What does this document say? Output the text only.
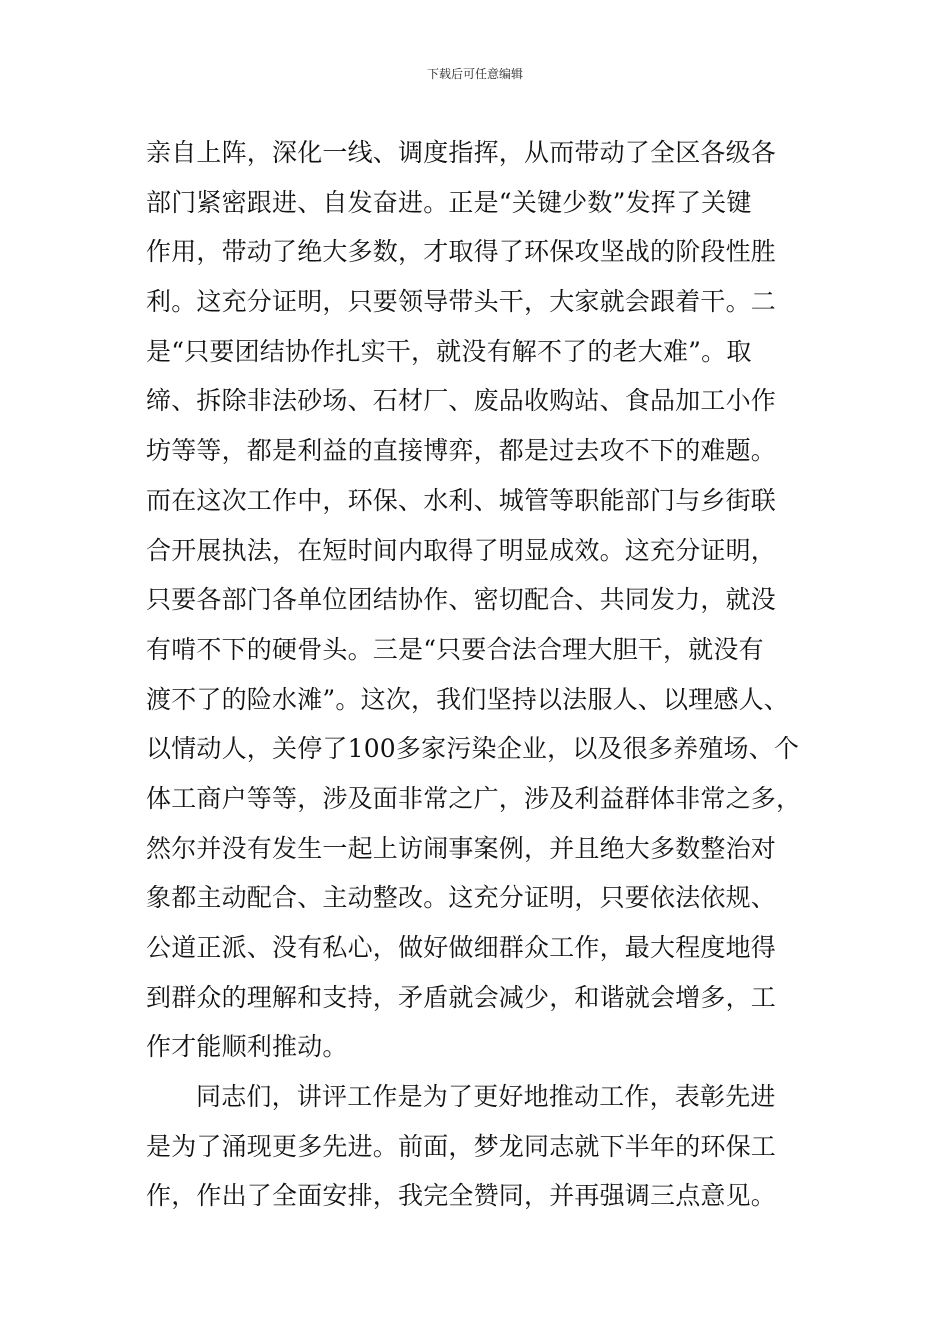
下载后可任意编辑
亲自上阵，深化一线、调度指挥，从而带动了全区各级各
部门紧密跟进、自发奋进。正是“关键少数”发挥了关键
作用，带动了绝大多数，才取得了环保攻坚战的阶段性胜
利。这充分证明，只要领导带头干，大家就会跟着干。二
是“只要团结协作扎实干，就没有解不了的老大难”。取
缔、拆除非法砂场、石材厂、废品收购站、食品加工小作
坊等等，都是利益的直接博弈，都是过去攻不下的难题。
而在这次工作中，环保、水利、城管等职能部门与乡街联
合开展执法，在短时间内取得了明显成效。这充分证明，
只要各部门各单位团结协作、密切配合、共同发力，就没
有啃不下的硬骨头。三是“只要合法合理大胆干，就没有
渡不了的险水滩”。这次，我们坚持以法服人、以理感人、
以情动人，关停了100多家污染企业，以及很多养殖场、个
体工商户等等，涉及面非常之广，涉及利益群体非常之多，
然尔并没有发生一起上访闹事案例，并且绝大多数整治对
象都主动配合、主动整改。这充分证明，只要依法依规、
公道正派、没有私心，做好做细群众工作，最大程度地得
到群众的理解和支持，矛盾就会减少，和谐就会增多，工
作才能顺利推动。
同志们，讲评工作是为了更好地推动工作，表彰先进
是为了涌现更多先进。前面，梦龙同志就下半年的环保工
作，作出了全面安排，我完全赞同，并再强调三点意见。
